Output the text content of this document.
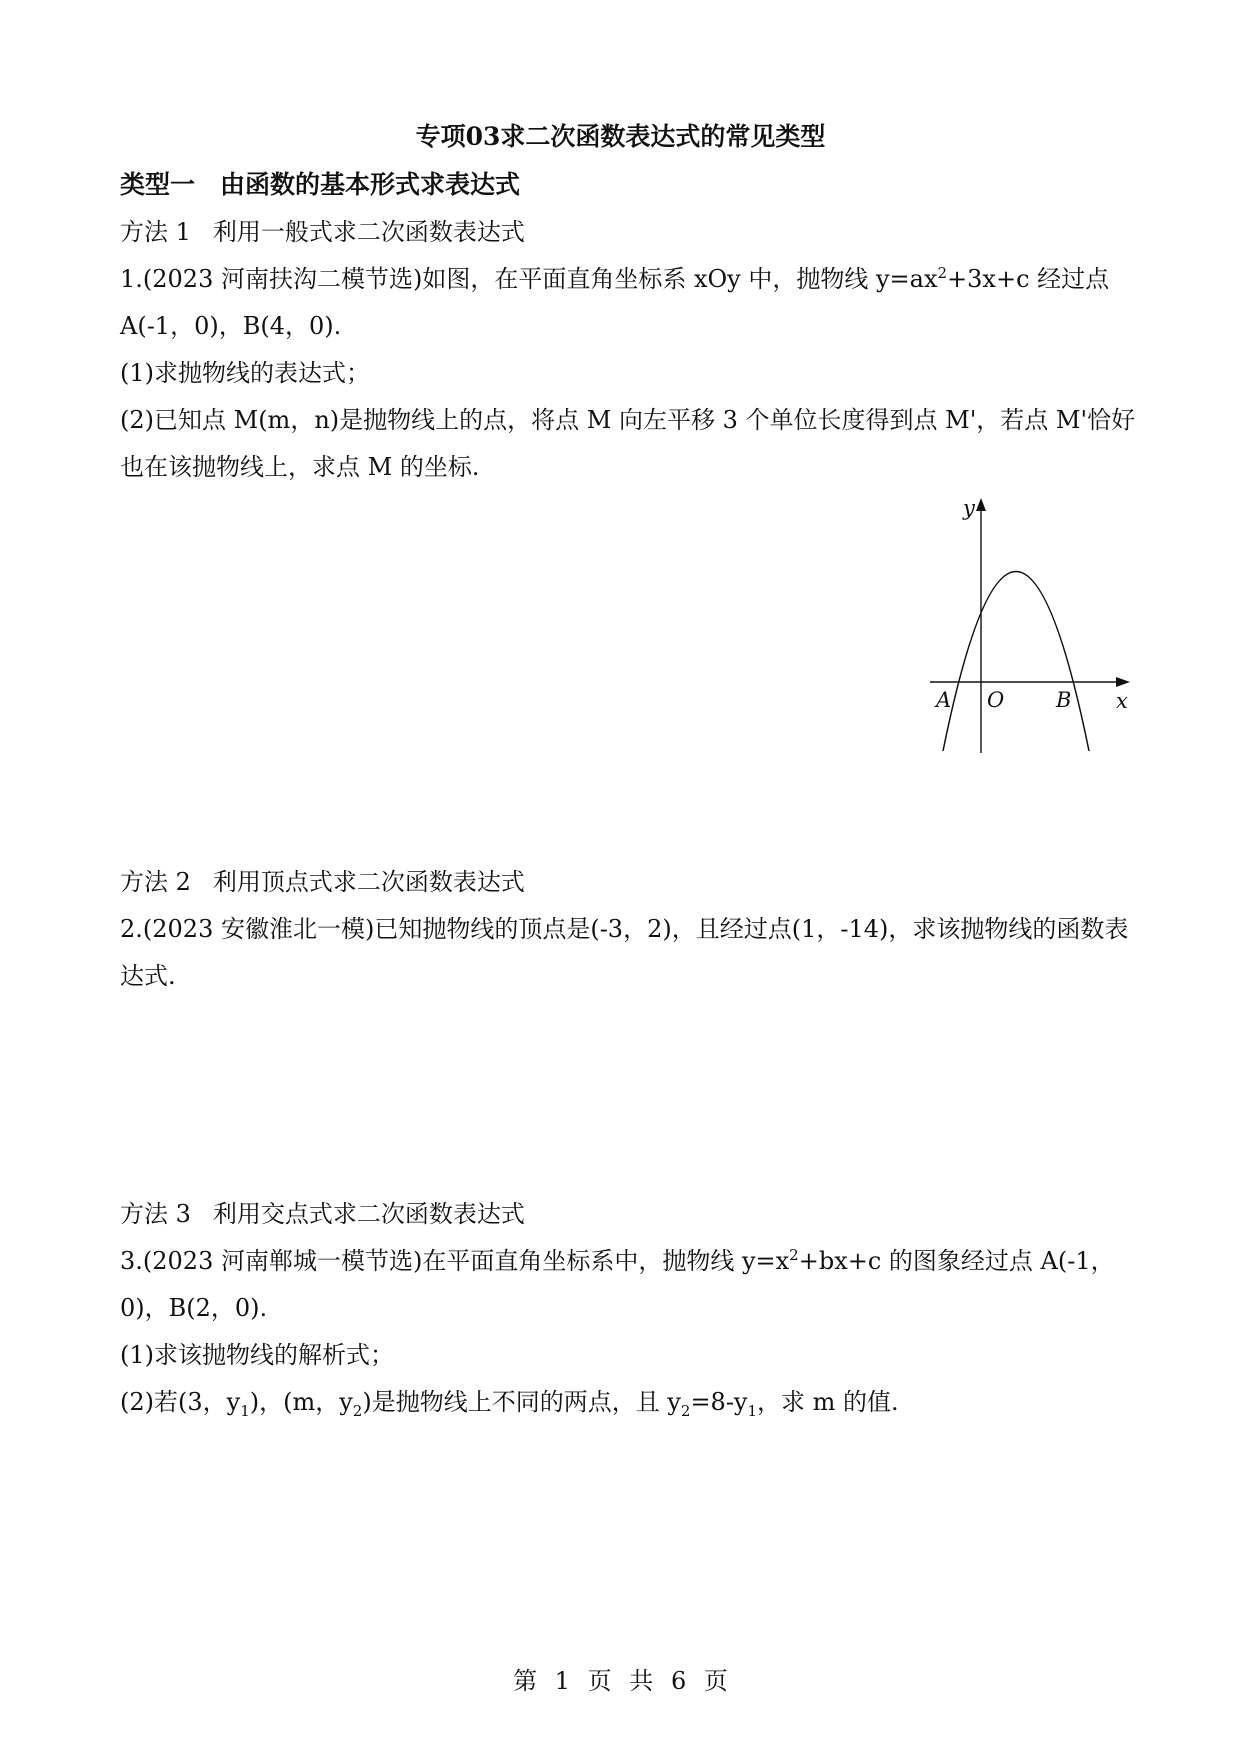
专项03求二次函数表达式的常见类型
类型一　由函数的基本形式求表达式
方法 1 利用一般式求二次函数表达式
1.(2023 河南扶沟二模节选)如图，在平面直角坐标系 xOy 中，抛物线 $y=ax^2+3x+c$ 经过点
A(-1，0)，B(4，0).
(1)求抛物线的表达式；
(2)已知点 M(m，n)是抛物线上的点，将点 M 向左平移 3 个单位长度得到点 M'，若点 M'恰好
也在该抛物线上，求点 M 的坐标.
y
x
O
A	B
方法 2 利用顶点式求二次函数表达式
2.(2023 安徽淮北一模)已知抛物线的顶点是(-3，2)，且经过点(1，-14)，求该抛物线的函数表
达式.
方法 3 利用交点式求二次函数表达式
3.(2023 河南郸城一模节选)在平面直角坐标系中，抛物线 $y=x^2+bx+c$ 的图象经过点 A(-1，
0)，B(2，0).
(1)求该抛物线的解析式；
(2)若(3，$y_1$)，(m，$y_2$)是抛物线上不同的两点，且 $y_2=8-y_1$，求 m 的值.
第 1 页 共 6 页
